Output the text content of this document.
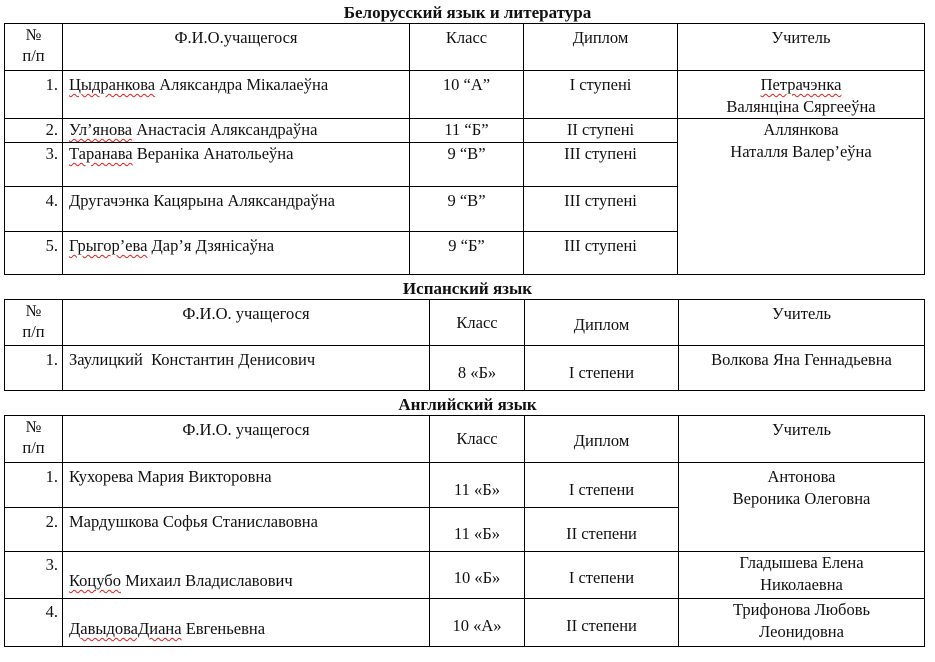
Белорусский язык и литература
№
п/п	Ф.И.О.учащегося	Класс	Диплом	Учитель
1.	Цыдранкова Аляксандра Мікалаеўна	10 “А”	I ступені	Петрачэнка
Валянціна Сяргееўна

2.	Ул’янова Анастасія Аляксандраўна	11 “Б”	II ступені	Аллянкова
Наталля Валер’еўна

3.	Таранава Вераніка Анатольеўна	9 “В”	III ступені	
4.	Другачэнка Кацярына Аляксандраўна	9 “В”	III ступені	
5.	Грыгор’ева Дар’я Дзянісаўна	9 “Б”	III ступені	
Испанский язык
№
п/п	Ф.И.О. учащегося	Класс	Диплом	Учитель
1.	Заулицкий  Константин Денисович	8 «Б»	I степени	Волкова Яна Геннадьевна
Английский язык
№
п/п	Ф.И.О. учащегося	Класс	Диплом	Учитель
1.	Кухорева Мария Викторовна	11 «Б»	I степени	Антонова
Вероника Олеговна

2.	Мардушкова Софья Станиславовна	11 «Б»	II степени	
3.	Коцубо Михаил Владиславович	10 «Б»	I степени	Гладышева Елена
Николаевна

4.	ДавыдоваДиана Евгеньевна	10 «А»	II степени	Трифонова Любовь
Леонидовна
